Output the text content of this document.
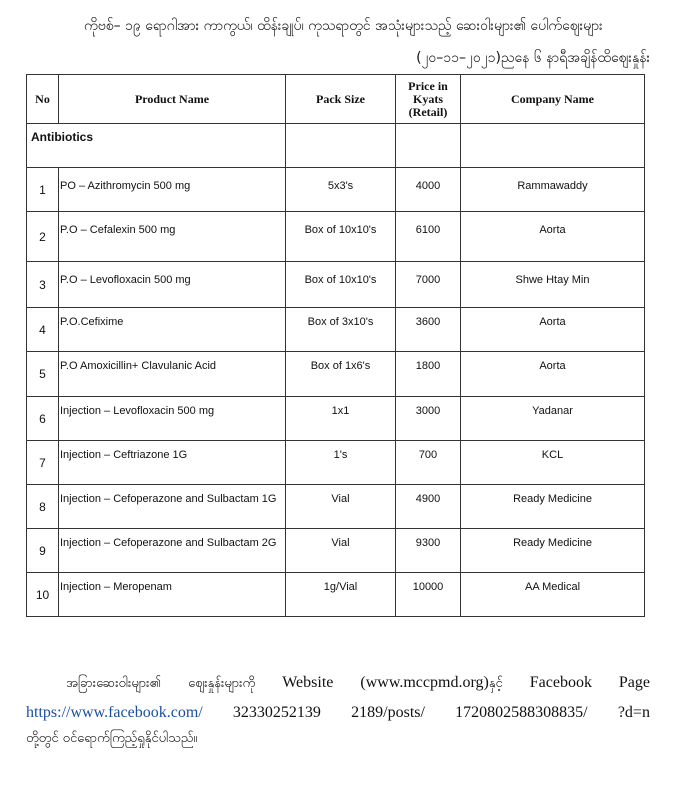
ကိုဗစ်– ၁၉ ရောဂါအား ကာကွယ်၊ ထိန်းချုပ်၊ ကုသရာတွင် အသုံးများသည့် ဆေးဝါးများ၏ ပေါက်ဈေးများ
(၂၀–၁၁–၂၀၂၁)ညနေ ၆ နာရီအချိန်ထိဈေးနှုန်း
No	Product Name	Pack Size	Price in Kyats (Retail)	Company Name
Antibiotics				
1	PO – Azithromycin 500 mg	5x3's	4000	Rammawaddy
2	P.O – Cefalexin 500 mg	Box of 10x10's	6100	Aorta
3	P.O – Levofloxacin 500 mg	Box of 10x10's	7000	Shwe Htay Min
4	P.O.Cefixime	Box of 3x10's	3600	Aorta
5	P.O Amoxicillin+ Clavulanic Acid	Box of 1x6's	1800	Aorta
6	Injection – Levofloxacin 500 mg	1x1	3000	Yadanar
7	Injection – Ceftriazone 1G	1's	700	KCL
8	Injection – Cefoperazone and Sulbactam 1G	Vial	4900	Ready Medicine
9	Injection – Cefoperazone and Sulbactam 2G	Vial	9300	Ready Medicine
10	Injection – Meropenam	1g/Vial	10000	AA Medical
အခြားဆေးဝါးများ၏ ဈေးနှုန်းများကို Website (www.mccpmd.org)နှင့် Facebook Page
https://www.facebook.com/ 32330252139 2189/posts/ 1720802588308835/ ?d=n
တို့တွင် ဝင်ရောက်ကြည့်ရှုနိုင်ပါသည်။
